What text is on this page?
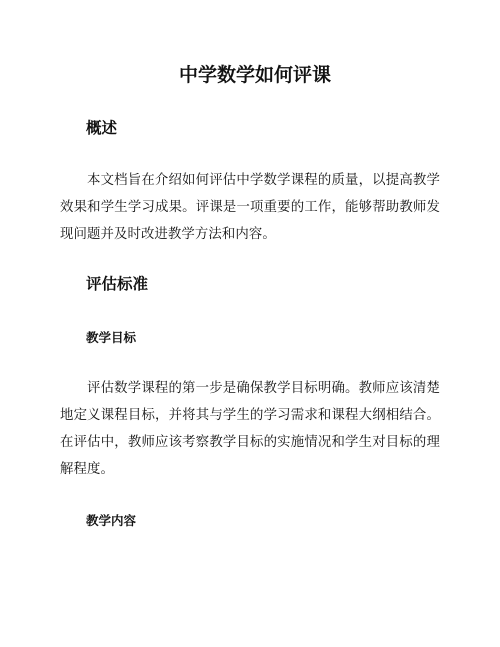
中学数学如何评课
概述
本文档旨在介绍如何评估中学数学课程的质量，以提高教学效果和学生学习成果。评课是一项重要的工作，能够帮助教师发现问题并及时改进教学方法和内容。
评估标准
教学目标
评估数学课程的第一步是确保教学目标明确。教师应该清楚地定义课程目标，并将其与学生的学习需求和课程大纲相结合。在评估中，教师应该考察教学目标的实施情况和学生对目标的理解程度。
教学内容
